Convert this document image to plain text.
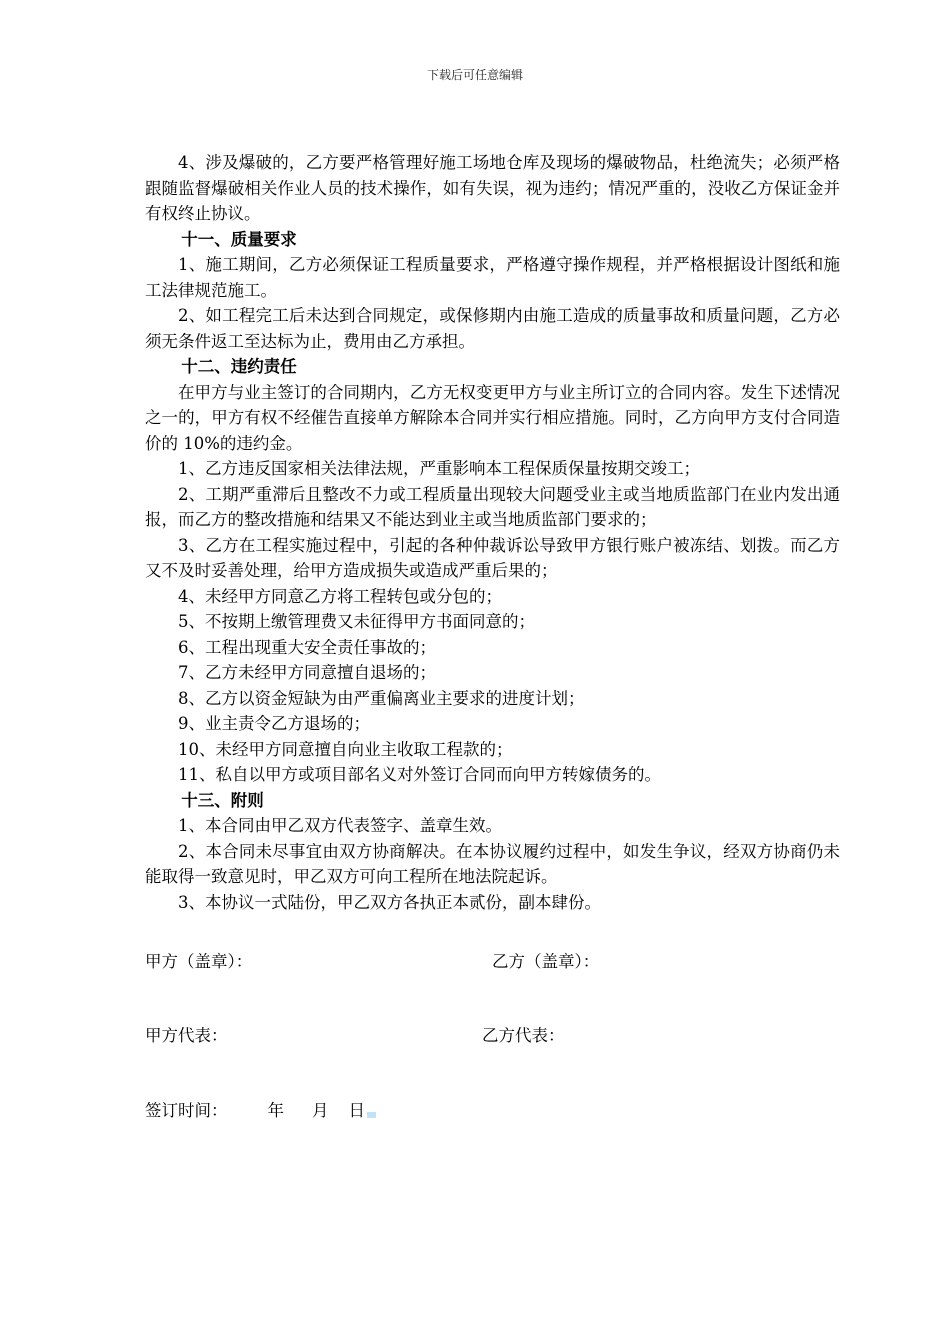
下载后可任意编辑

4、涉及爆破的，乙方要严格管理好施工场地仓库及现场的爆破物品，杜绝流失；必须严格跟随监督爆破相关作业人员的技术操作，如有失误，视为违约；情况严重的，没收乙方保证金并有权终止协议。

十一、质量要求

1、施工期间，乙方必须保证工程质量要求，严格遵守操作规程，并严格根据设计图纸和施工法律规范施工。

2、如工程完工后未达到合同规定，或保修期内由施工造成的质量事故和质量问题，乙方必须无条件返工至达标为止，费用由乙方承担。

十二、违约责任

在甲方与业主签订的合同期内，乙方无权变更甲方与业主所订立的合同内容。发生下述情况之一的，甲方有权不经催告直接单方解除本合同并实行相应措施。同时，乙方向甲方支付合同造价的 10%的违约金。

1、乙方违反国家相关法律法规，严重影响本工程保质保量按期交竣工；

2、工期严重滞后且整改不力或工程质量出现较大问题受业主或当地质监部门在业内发出通报，而乙方的整改措施和结果又不能达到业主或当地质监部门要求的；

3、乙方在工程实施过程中，引起的各种仲裁诉讼导致甲方银行账户被冻结、划拨。而乙方又不及时妥善处理，给甲方造成损失或造成严重后果的；

4、未经甲方同意乙方将工程转包或分包的；

5、不按期上缴管理费又未征得甲方书面同意的；

6、工程出现重大安全责任事故的；

7、乙方未经甲方同意擅自退场的；

8、乙方以资金短缺为由严重偏离业主要求的进度计划；

9、业主责令乙方退场的；

10、未经甲方同意擅自向业主收取工程款的；

11、私自以甲方或项目部名义对外签订合同而向甲方转嫁债务的。

十三、附则

1、本合同由甲乙双方代表签字、盖章生效。

2、本合同未尽事宜由双方协商解决。在本协议履约过程中，如发生争议，经双方协商仍未能取得一致意见时，甲乙双方可向工程所在地法院起诉。

3、本协议一式陆份，甲乙双方各执正本贰份，副本肆份。

甲方（盖章）：	乙方（盖章）：
甲方代表：	乙方代表：
签订时间： 年 月 日
